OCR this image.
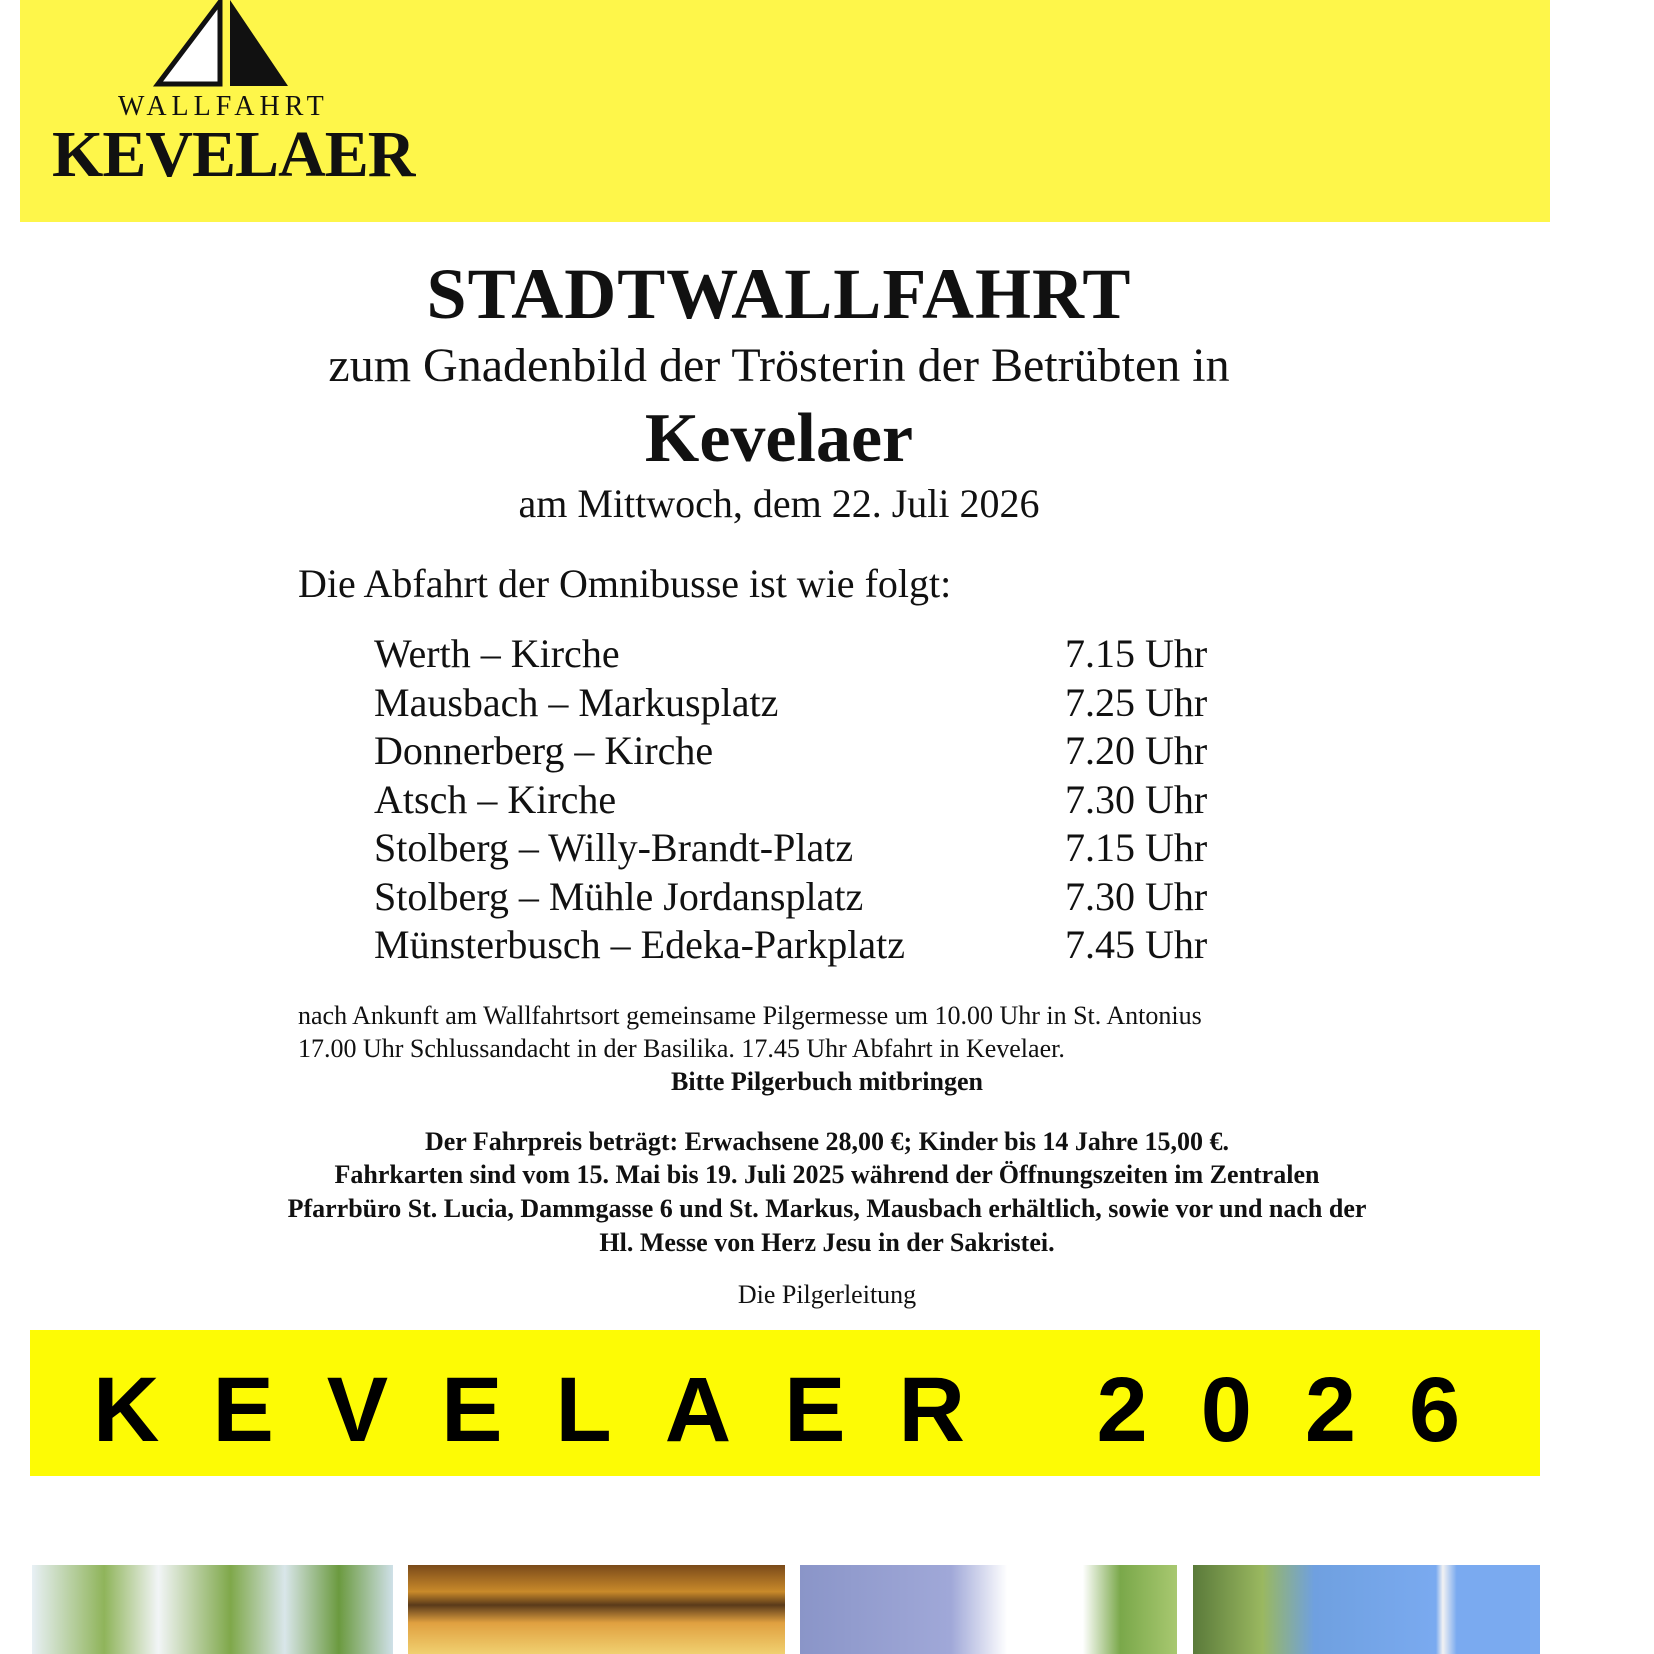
WALLFAHRT
KEVELAER
STADTWALLFAHRT
zum Gnadenbild der Trösterin der Betrübten in
Kevelaer
am Mittwoch, dem 22. Juli 2026
Die Abfahrt der Omnibusse ist wie folgt:
Werth – Kirche	7.15 Uhr
Mausbach – Markusplatz	7.25 Uhr
Donnerberg – Kirche	7.20 Uhr
Atsch – Kirche	7.30 Uhr
Stolberg – Willy-Brandt-Platz	7.15 Uhr
Stolberg – Mühle Jordansplatz	7.30 Uhr
Münsterbusch – Edeka-Parkplatz	7.45 Uhr
nach Ankunft am Wallfahrtsort gemeinsame Pilgermesse um 10.00 Uhr in St. Antonius
17.00 Uhr Schlussandacht in der Basilika. 17.45 Uhr Abfahrt in Kevelaer.
Bitte Pilgerbuch mitbringen
Der Fahrpreis beträgt: Erwachsene 28,00 €; Kinder bis 14 Jahre 15,00 €.
Fahrkarten sind vom 15. Mai bis 19. Juli 2025 während der Öffnungszeiten im Zentralen
Pfarrbüro St. Lucia, Dammgasse 6 und St. Markus, Mausbach erhältlich, sowie vor und nach der
Hl. Messe von Herz Jesu in der Sakristei.
Die Pilgerleitung
KEVELAER 2026
